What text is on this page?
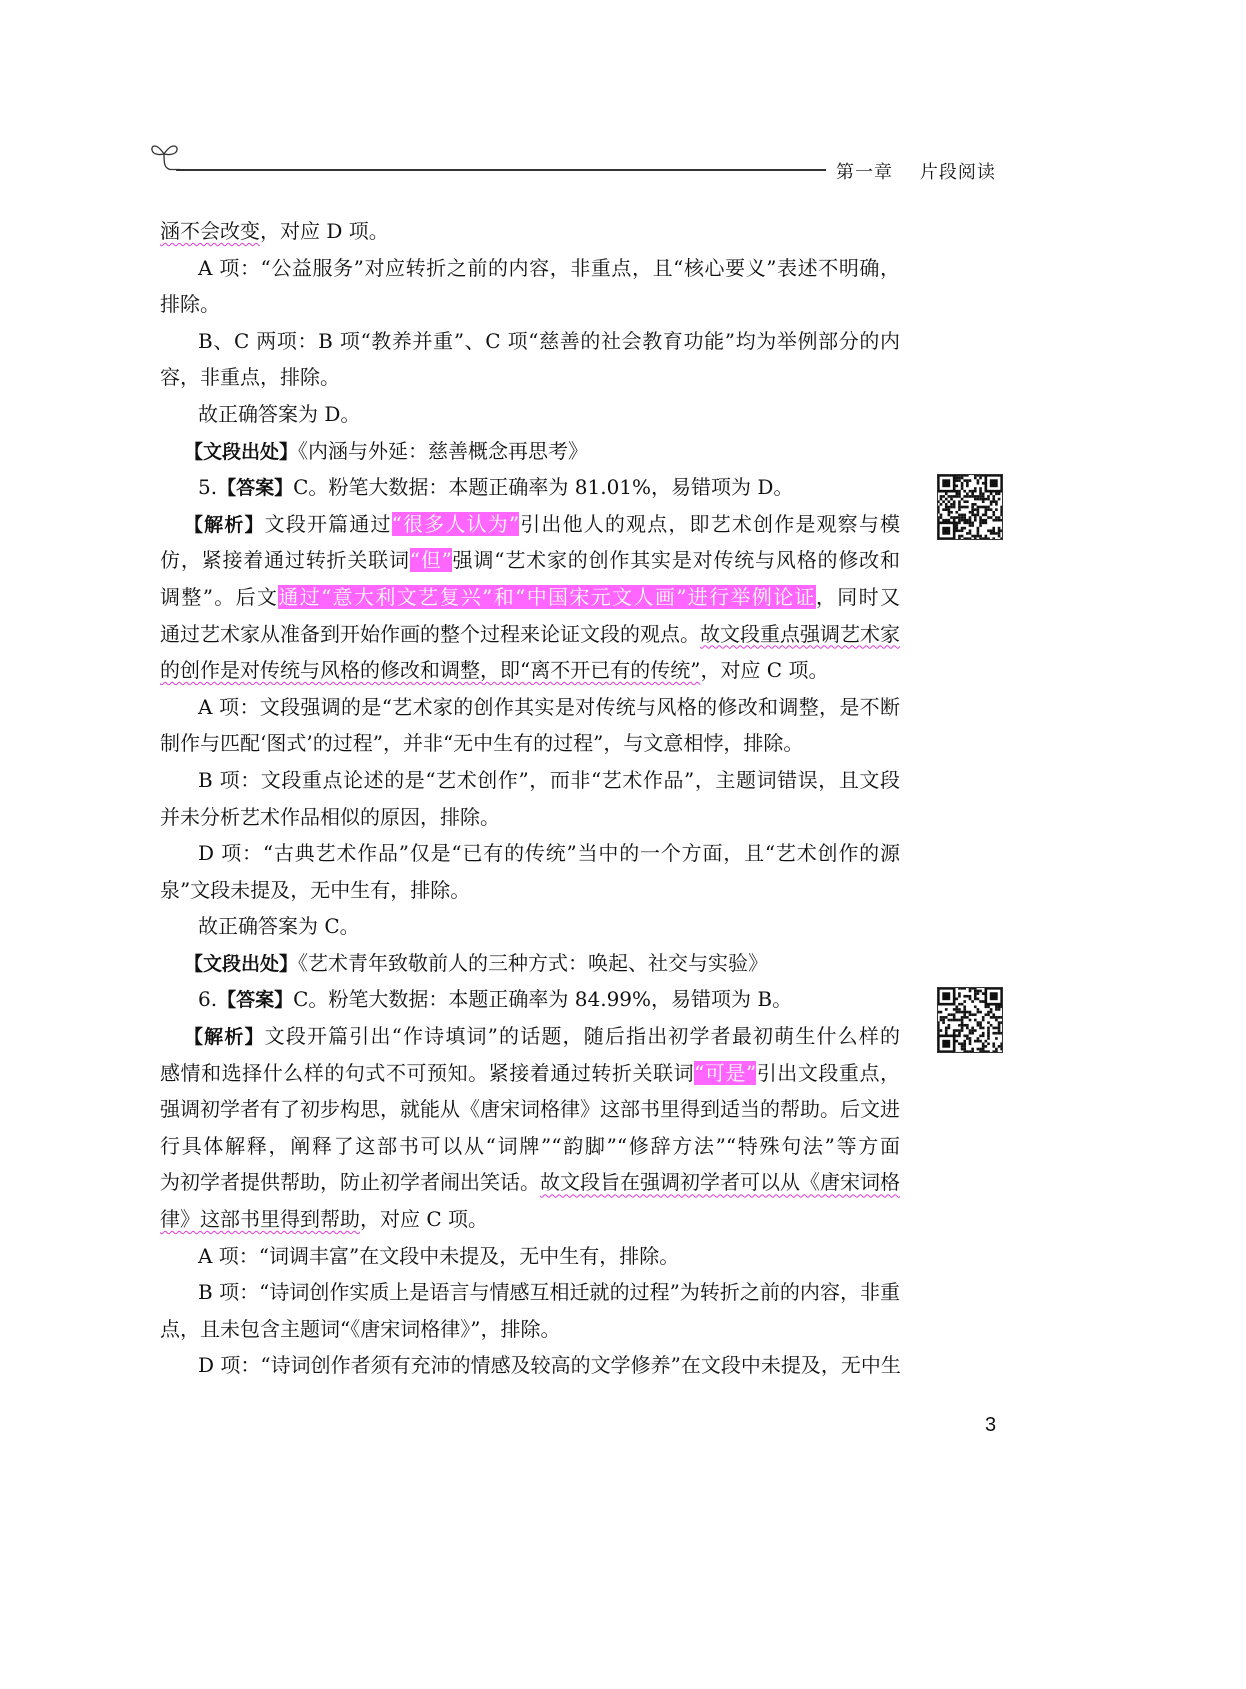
第一章 片段阅读
涵不会改变，对应 D 项。
A 项：“公益服务”对应转折之前的内容，非重点，且“核心要义”表述不明确，
排除。
B、C 两项：B 项“教养并重”、C 项“慈善的社会教育功能”均为举例部分的内
容，非重点，排除。
故正确答案为 D。
【文段出处】《内涵与外延：慈善概念再思考》
5.【答案】C。粉笔大数据：本题正确率为 81.01%，易错项为 D。
【解析】文段开篇通过“很多人认为”引出他人的观点，即艺术创作是观察与模
仿，紧接着通过转折关联词“但”强调“艺术家的创作其实是对传统与风格的修改和
调整”。后文通过“意大利文艺复兴”和“中国宋元文人画”进行举例论证，同时又
通过艺术家从准备到开始作画的整个过程来论证文段的观点。故文段重点强调艺术家
的创作是对传统与风格的修改和调整，即“离不开已有的传统”，对应 C 项。
A 项：文段强调的是“艺术家的创作其实是对传统与风格的修改和调整，是不断
制作与匹配‘图式’的过程”，并非“无中生有的过程”，与文意相悖，排除。
B 项：文段重点论述的是“艺术创作”，而非“艺术作品”，主题词错误，且文段
并未分析艺术作品相似的原因，排除。
D 项：“古典艺术作品”仅是“已有的传统”当中的一个方面，且“艺术创作的源
泉”文段未提及，无中生有，排除。
故正确答案为 C。
【文段出处】《艺术青年致敬前人的三种方式：唤起、社交与实验》
6.【答案】C。粉笔大数据：本题正确率为 84.99%，易错项为 B。
【解析】文段开篇引出“作诗填词”的话题，随后指出初学者最初萌生什么样的
感情和选择什么样的句式不可预知。紧接着通过转折关联词“可是”引出文段重点，
强调初学者有了初步构思，就能从《唐宋词格律》这部书里得到适当的帮助。后文进
行具体解释，阐释了这部书可以从“词牌”“韵脚”“修辞方法”“特殊句法”等方面
为初学者提供帮助，防止初学者闹出笑话。故文段旨在强调初学者可以从《唐宋词格
律》这部书里得到帮助，对应 C 项。
A 项：“词调丰富”在文段中未提及，无中生有，排除。
B 项：“诗词创作实质上是语言与情感互相迁就的过程”为转折之前的内容，非重
点，且未包含主题词“《唐宋词格律》”，排除。
D 项：“诗词创作者须有充沛的情感及较高的文学修养”在文段中未提及，无中生
3
